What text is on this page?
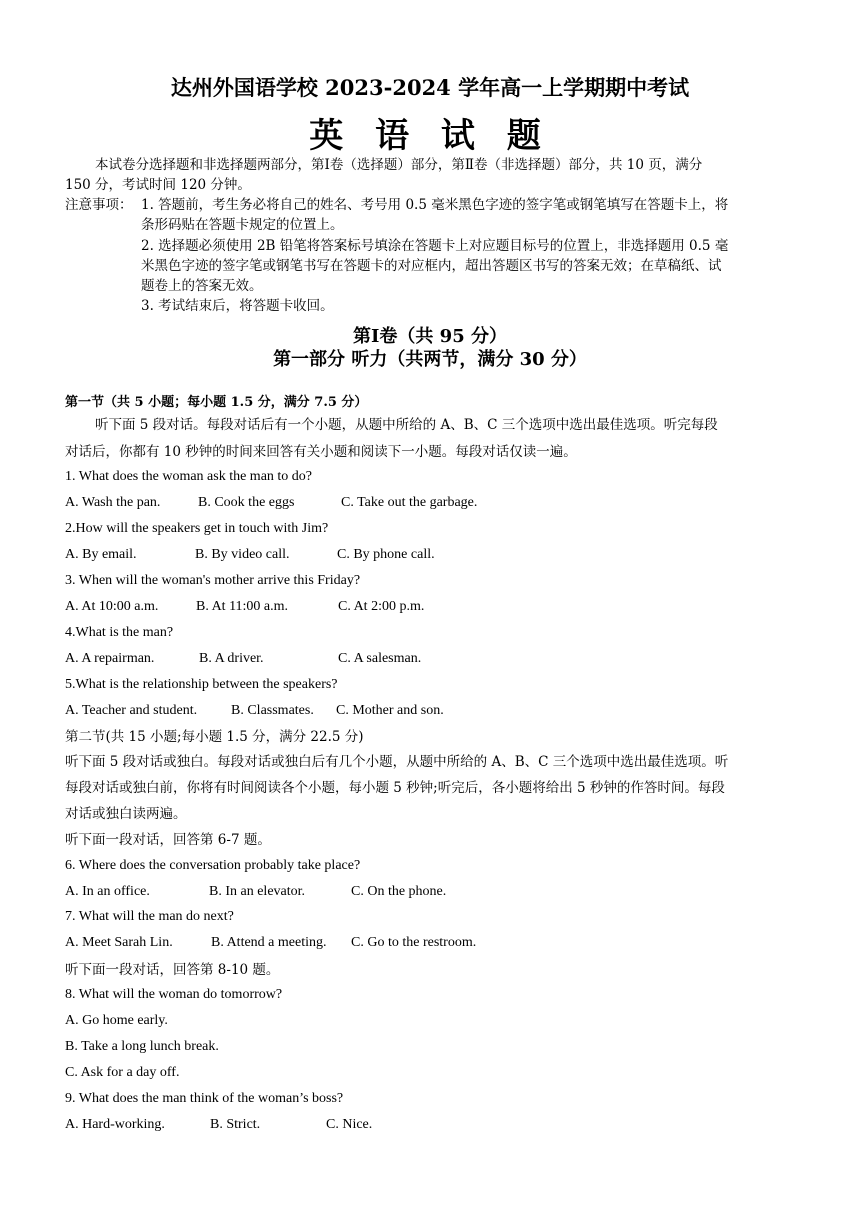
达州外国语学校 2023-2024 学年高一上学期期中考试
英 语 试 题
本试卷分选择题和非选择题两部分，第Ⅰ卷（选择题）部分，第Ⅱ卷（非选择题）部分，共 10 页，满分
150 分，考试时间 120 分钟。
注意事项： 1. 答题前，考生务必将自己的姓名、考号用 0.5 毫米黑色字迹的签字笔或钢笔填写在答题卡上，将
条形码贴在答题卡规定的位置上。
2. 选择题必须使用 2B 铅笔将答案标号填涂在答题卡上对应题目标号的位置上，非选择题用 0.5 毫
米黑色字迹的签字笔或钢笔书写在答题卡的对应框内，超出答题区书写的答案无效；在草稿纸、试
题卷上的答案无效。
3. 考试结束后，将答题卡收回。
第Ⅰ卷（共 95 分）
第一部分 听力（共两节，满分 30 分）
第一节（共 5 小题；每小题 1.5 分，满分 7.5 分）
听下面 5 段对话。每段对话后有一个小题，从题中所给的 A、B、C 三个选项中选出最佳选项。听完每段
对话后，你都有 10 秒钟的时间来回答有关小题和阅读下一小题。每段对话仅读一遍。
1. What does the woman ask the man to do?
A. Wash the pan.	B. Cook the eggs	C. Take out the garbage.
2.How will the speakers get in touch with Jim?
A. By email.	B. By video call.	C. By phone call.
3. When will the woman's mother arrive this Friday?
A. At 10:00 a.m.	B. At 11:00 a.m.	C. At 2:00 p.m.
4.What is the man?
A. A repairman.	B. A driver.	C. A salesman.
5.What is the relationship between the speakers?
A. Teacher and student. B. Classmates. C. Mother and son.
第二节(共 15 小题;每小题 1.5 分，满分 22.5 分)
听下面 5 段对话或独白。每段对话或独白后有几个小题，从题中所给的 A、B、C 三个选项中选出最佳选项。听
每段对话或独白前，你将有时间阅读各个小题，每小题 5 秒钟;听完后，各小题将给出 5 秒钟的作答时间。每段
对话或独白读两遍。
听下面一段对话，回答第 6-7 题。
6. Where does the conversation probably take place?
A. In an office.	B. In an elevator.	C. On the phone.
7. What will the man do next?
A. Meet Sarah Lin.	B. Attend a meeting. C. Go to the restroom.
听下面一段对话，回答第 8-10 题。
8. What will the woman do tomorrow?
A. Go home early.
B. Take a long lunch break.
C. Ask for a day off.
9. What does the man think of the woman’s boss?
A. Hard-working.	B. Strict.	C. Nice.
